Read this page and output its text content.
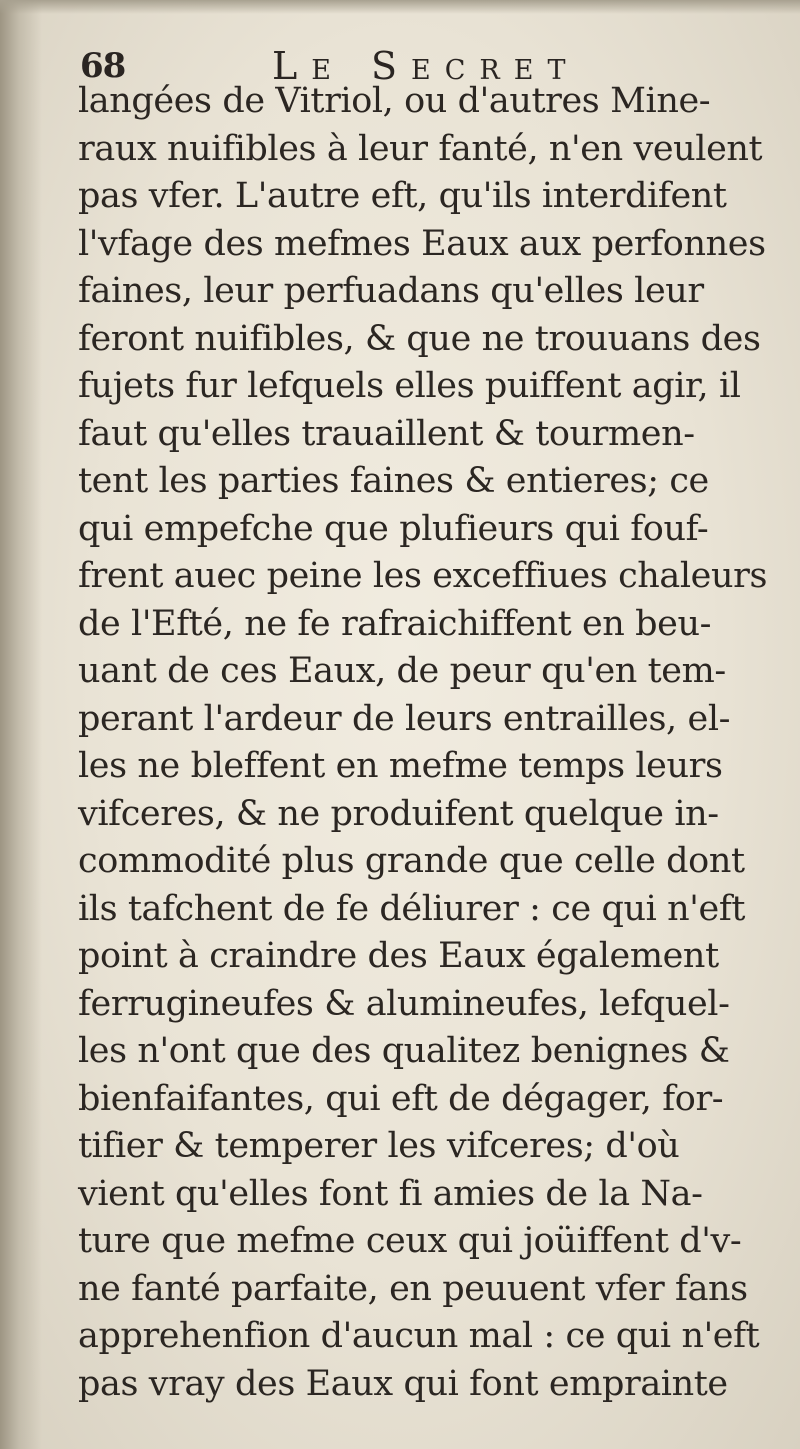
68	Le Secret
langées de Vitriol, ou d'autres Mine-
raux nuifibles à leur fanté, n'en veulent
pas vfer. L'autre eft, qu'ils interdifent
l'vfage des mefmes Eaux aux perfonnes
faines, leur perfuadans qu'elles leur
feront nuifibles, & que ne trouuans des
fujets fur lefquels elles puiffent agir, il
faut qu'elles trauaillent & tourmen-
tent les parties faines & entieres; ce
qui empefche que plufieurs qui fouf-
frent auec peine les exceffiues chaleurs
de l'Efté, ne fe rafraichiffent en beu-
uant de ces Eaux, de peur qu'en tem-
perant l'ardeur de leurs entrailles, el-
les ne bleffent en mefme temps leurs
vifceres, & ne produifent quelque in-
commodité plus grande que celle dont
ils tafchent de fe déliurer : ce qui n'eft
point à craindre des Eaux également
ferrugineufes & alumineufes, lefquel-
les n'ont que des qualitez benignes &
bienfaifantes, qui eft de dégager, for-
tifier & temperer les vifceres; d'où
vient qu'elles font fi amies de la Na-
ture que mefme ceux qui joüiffent d'v-
ne fanté parfaite, en peuuent vfer fans
apprehenfion d'aucun mal : ce qui n'eft
pas vray des Eaux qui font emprainte
